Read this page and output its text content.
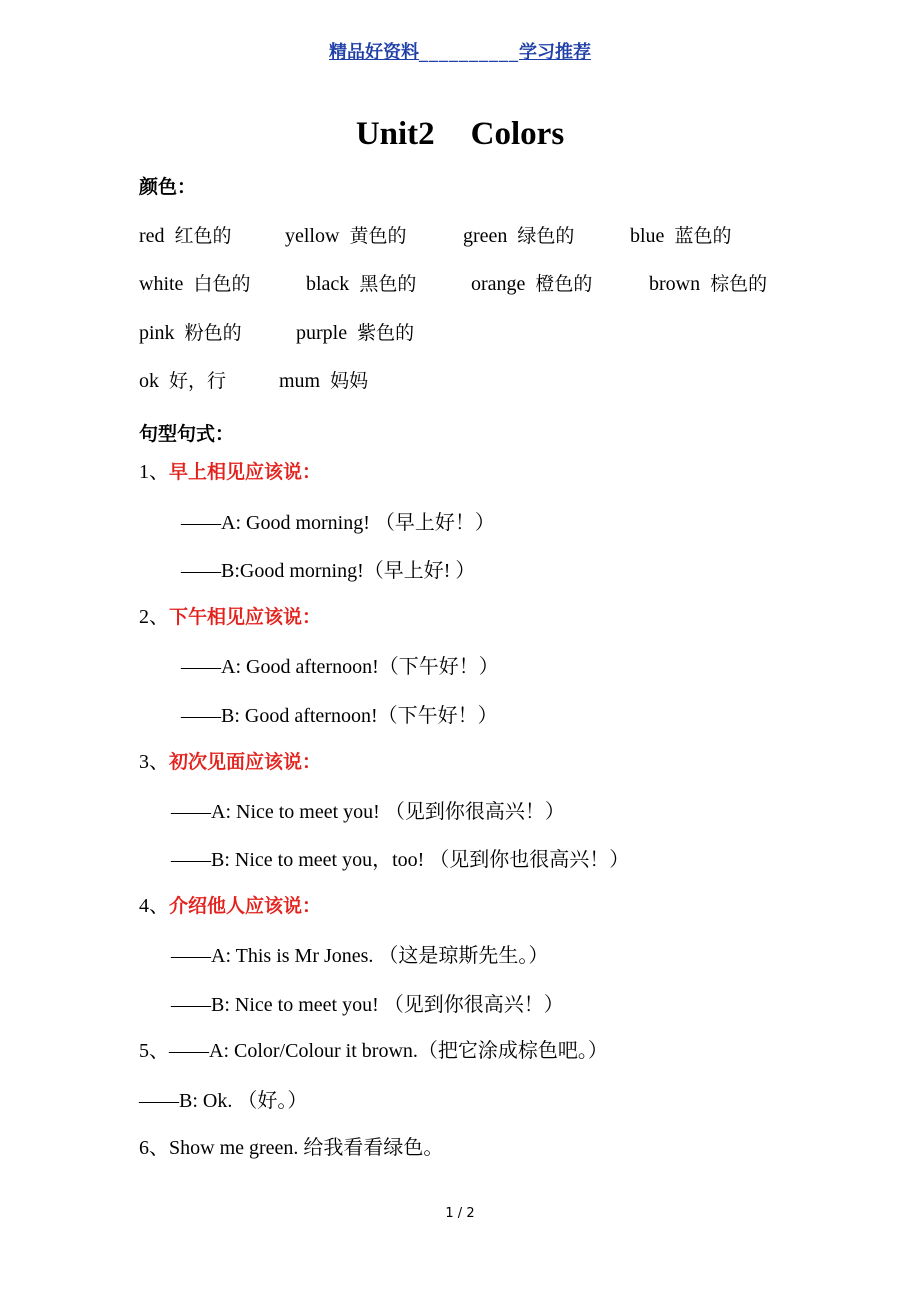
精品好资料__________学习推荐
Unit2 Colors
颜色：
red 红色的	yellow 黄色的	green 绿色的	blue 蓝色的
white 白色的	black 黑色的	orange 橙色的	brown 棕色的
pink 粉色的	purple 紫色的
ok 好，行	mum 妈妈
句型句式：
1、早上相见应该说：
——A: Good morning! （早上好！）
——B:Good morning!（早上好! ）
2、下午相见应该说：
——A: Good afternoon!（下午好！）
——B: Good afternoon!（下午好！）
3、初次见面应该说：
——A: Nice to meet you! （见到你很高兴！）
——B: Nice to meet you，too! （见到你也很高兴！）
4、介绍他人应该说：
——A: This is Mr Jones. （这是琼斯先生。）
——B: Nice to meet you! （见到你很高兴！）
5、——A: Color/Colour it brown.（把它涂成棕色吧。）
——B: Ok. （好。）
6、Show me green. 给我看看绿色。
1 / 2
